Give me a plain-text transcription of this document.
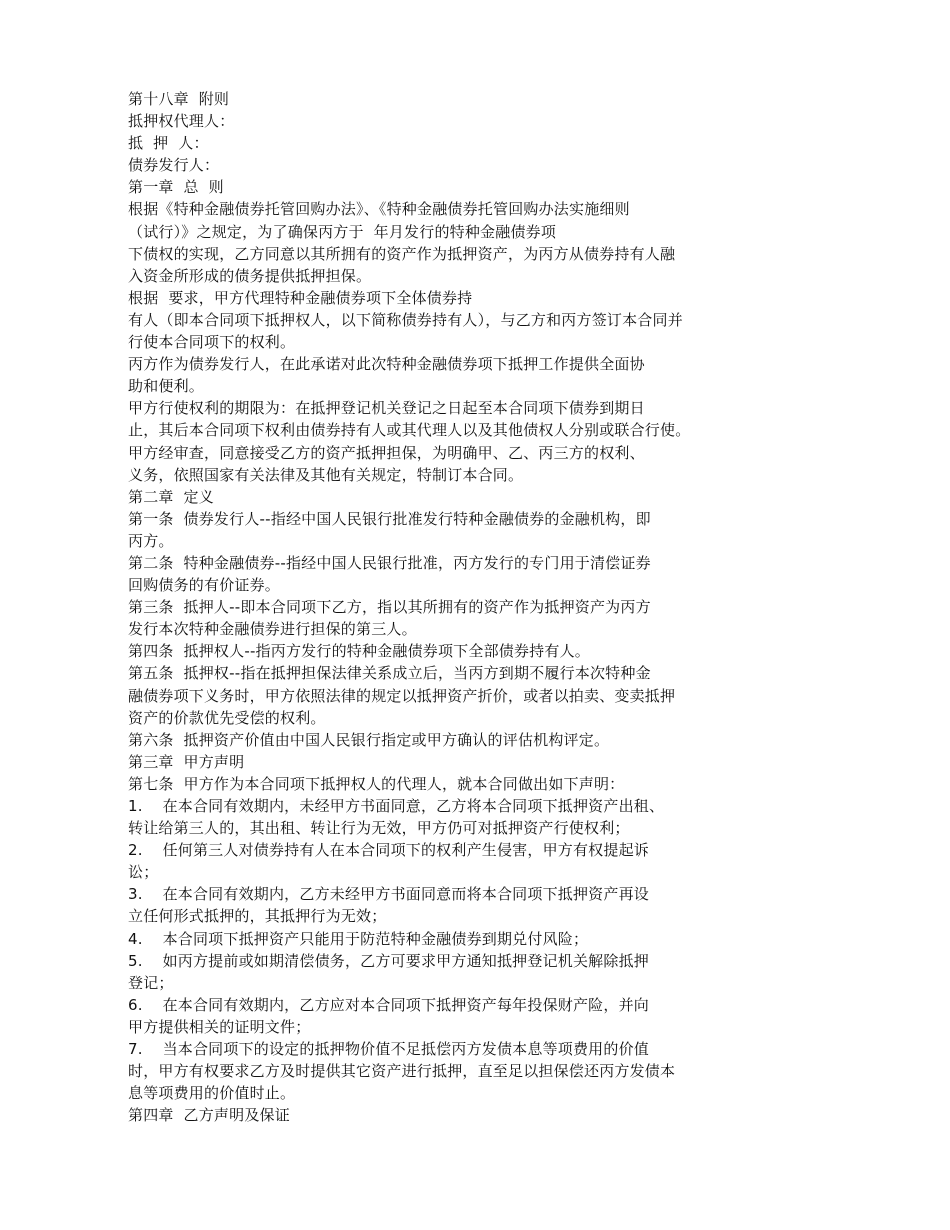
第十八章  附则
抵押权代理人：
抵  押  人：
债券发行人：
第一章  总  则
根据《特种金融债券托管回购办法》、《特种金融债券托管回购办法实施细则
（试行）》之规定，为了确保丙方于  年月发行的特种金融债券项
下债权的实现，乙方同意以其所拥有的资产作为抵押资产，为丙方从债券持有人融
入资金所形成的债务提供抵押担保。
根据  要求，甲方代理特种金融债券项下全体债券持
有人（即本合同项下抵押权人，以下简称债券持有人），与乙方和丙方签订本合同并
行使本合同项下的权利。
丙方作为债券发行人，在此承诺对此次特种金融债券项下抵押工作提供全面协
助和便利。
甲方行使权利的期限为：在抵押登记机关登记之日起至本合同项下债券到期日
止，其后本合同项下权利由债券持有人或其代理人以及其他债权人分别或联合行使。
甲方经审查，同意接受乙方的资产抵押担保，为明确甲、乙、丙三方的权利、
义务，依照国家有关法律及其他有关规定，特制订本合同。
第二章  定义
第一条  债券发行人--指经中国人民银行批准发行特种金融债券的金融机构，即
丙方。
第二条  特种金融债券--指经中国人民银行批准，丙方发行的专门用于清偿证券
回购债务的有价证券。
第三条  抵押人--即本合同项下乙方，指以其所拥有的资产作为抵押资产为丙方
发行本次特种金融债券进行担保的第三人。
第四条  抵押权人--指丙方发行的特种金融债券项下全部债券持有人。
第五条  抵押权--指在抵押担保法律关系成立后，当丙方到期不履行本次特种金
融债券项下义务时，甲方依照法律的规定以抵押资产折价，或者以拍卖、变卖抵押
资产的价款优先受偿的权利。
第六条  抵押资产价值由中国人民银行指定或甲方确认的评估机构评定。
第三章  甲方声明
第七条  甲方作为本合同项下抵押权人的代理人，就本合同做出如下声明：
1.    在本合同有效期内，未经甲方书面同意，乙方将本合同项下抵押资产出租、
转让给第三人的，其出租、转让行为无效，甲方仍可对抵押资产行使权利；
2.    任何第三人对债券持有人在本合同项下的权利产生侵害，甲方有权提起诉
讼；
3.    在本合同有效期内，乙方未经甲方书面同意而将本合同项下抵押资产再设
立任何形式抵押的，其抵押行为无效；
4.    本合同项下抵押资产只能用于防范特种金融债券到期兑付风险；
5.    如丙方提前或如期清偿债务，乙方可要求甲方通知抵押登记机关解除抵押
登记；
6.    在本合同有效期内，乙方应对本合同项下抵押资产每年投保财产险，并向
甲方提供相关的证明文件；
7.    当本合同项下的设定的抵押物价值不足抵偿丙方发债本息等项费用的价值
时，甲方有权要求乙方及时提供其它资产进行抵押，直至足以担保偿还丙方发债本
息等项费用的价值时止。
第四章  乙方声明及保证
